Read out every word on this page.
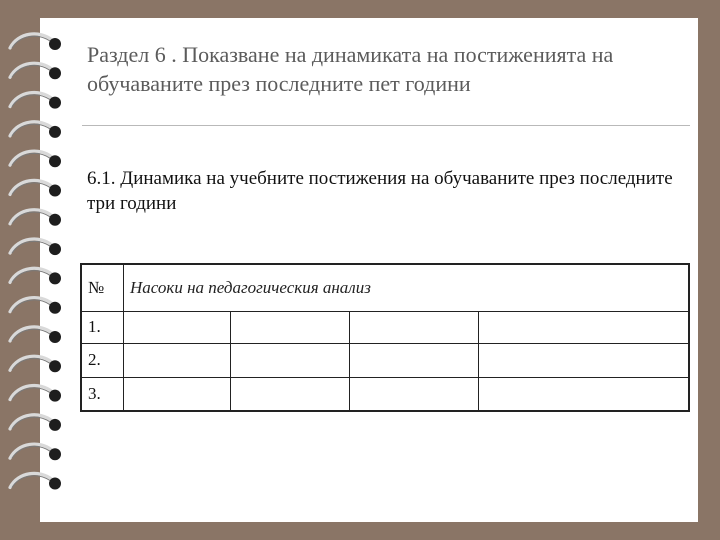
Раздел 6 . Показване на динамиката на постиженията на обучаваните през последните пет години
6.1. Динамика на учебните постижения на обучаваните през последните три години
№	Насоки на педагогическия анализ			
1.				
2.				
3.				
